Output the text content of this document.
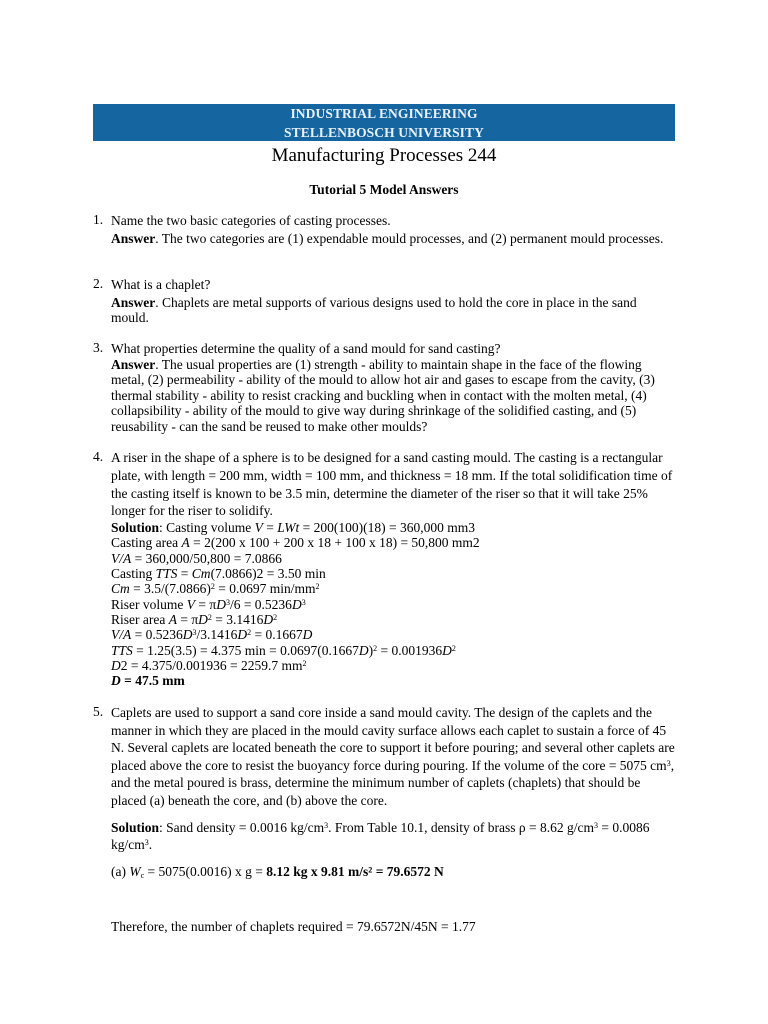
INDUSTRIAL ENGINEERING
STELLENBOSCH UNIVERSITY
Manufacturing Processes 244
Tutorial 5 Model Answers
1. Name the two basic categories of casting processes.

Answer. The two categories are (1) expendable mould processes, and (2) permanent mould processes.

2. What is a chaplet?

Answer. Chaplets are metal supports of various designs used to hold the core in place in the sand mould.

3. What properties determine the quality of a sand mould for sand casting?

Answer. The usual properties are (1) strength - ability to maintain shape in the face of the flowing metal, (2) permeability - ability of the mould to allow hot air and gases to escape from the cavity, (3) thermal stability - ability to resist cracking and buckling when in contact with the molten metal, (4) collapsibility - ability of the mould to give way during shrinkage of the solidified casting, and (5) reusability - can the sand be reused to make other moulds?

4. A riser in the shape of a sphere is to be designed for a sand casting mould. The casting is a rectangular plate, with length = 200 mm, width = 100 mm, and thickness = 18 mm. If the total solidification time of the casting itself is known to be 3.5 min, determine the diameter of the riser so that it will take 25% longer for the riser to solidify.

Solution: Casting volume V = LWt = 200(100)(18) = 360,000 mm3
Casting area A = 2(200 x 100 + 200 x 18 + 100 x 18) = 50,800 mm2
V/A = 360,000/50,800 = 7.0866
Casting TTS = Cm(7.0866)2 = 3.50 min
$Cm = 3.5/(7.0866)^2 = 0.0697$ $\min/mm^2$
Riser volume $V = \pi D^3/6 = 0.5236D^3$
Riser area $A = \pi D^2 = 3.1416D^2$
$V/A = 0.5236D^3/3.1416D^2 = 0.1667D$
TTS = 1.25(3.5) = 4.375 $\min = 0.0697(0.1667D)^2 = 0.001936D^2$
D2 = 4.375/0.001936 = 2259.7 $mm^2$
D = 47.5 mm
5. Caplets are used to support a sand core inside a sand mould cavity. The design of the caplets and the manner in which they are placed in the mould cavity surface allows each caplet to sustain a force of 45 N. Several caplets are located beneath the core to support it before pouring; and several other caplets are placed above the core to resist the buoyancy force during pouring. If the volume of the core = 5075 $cm^3$, and the metal poured is brass, determine the minimum number of caplets (chaplets) that should be placed (a) beneath the core, and (b) above the core.

Solution: Sand density = 0.0016 $kg/cm^3$. From Table 10.1, density of brass ρ = 8.62 $g/cm^3 = 0.0086$ $kg/cm^3$.

(a) $W_c = 5075(0.0016)$ x g = 8.12 kg x 9.81 m/s² = 79.6572 N

Therefore, the number of chaplets required = 79.6572N/45N = 1.77
